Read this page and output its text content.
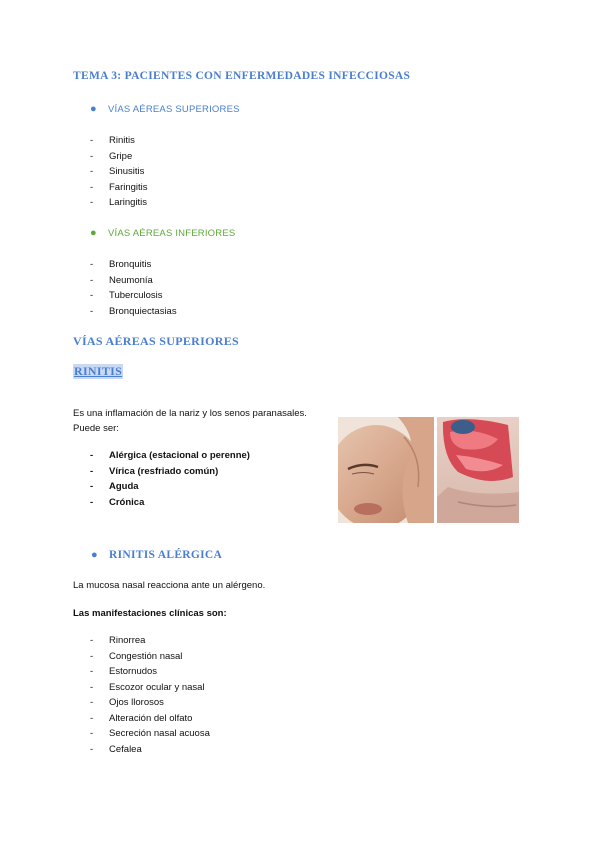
TEMA 3: PACIENTES CON ENFERMEDADES INFECCIOSAS
● VÍAS AÉREAS SUPERIORES
- Rinitis
- Gripe
- Sinusitis
- Faringitis
- Laringitis
● VÍAS AÉREAS INFERIORES
- Bronquitis
- Neumonía
- Tuberculosis
- Bronquiectasias
VÍAS AÉREAS SUPERIORES
RINITIS
Es una inflamación de la nariz y los senos paranasales.
Puede ser:
- Alérgica (estacional o perenne)
- Vírica (resfriado común)
- Aguda
- Crónica
● RINITIS ALÉRGICA
La mucosa nasal reacciona ante un alérgeno.
Las manifestaciones clínicas son:
- Rinorrea
- Congestión nasal
- Estornudos
- Escozor ocular y nasal
- Ojos llorosos
- Alteración del olfato
- Secreción nasal acuosa
- Cefalea
